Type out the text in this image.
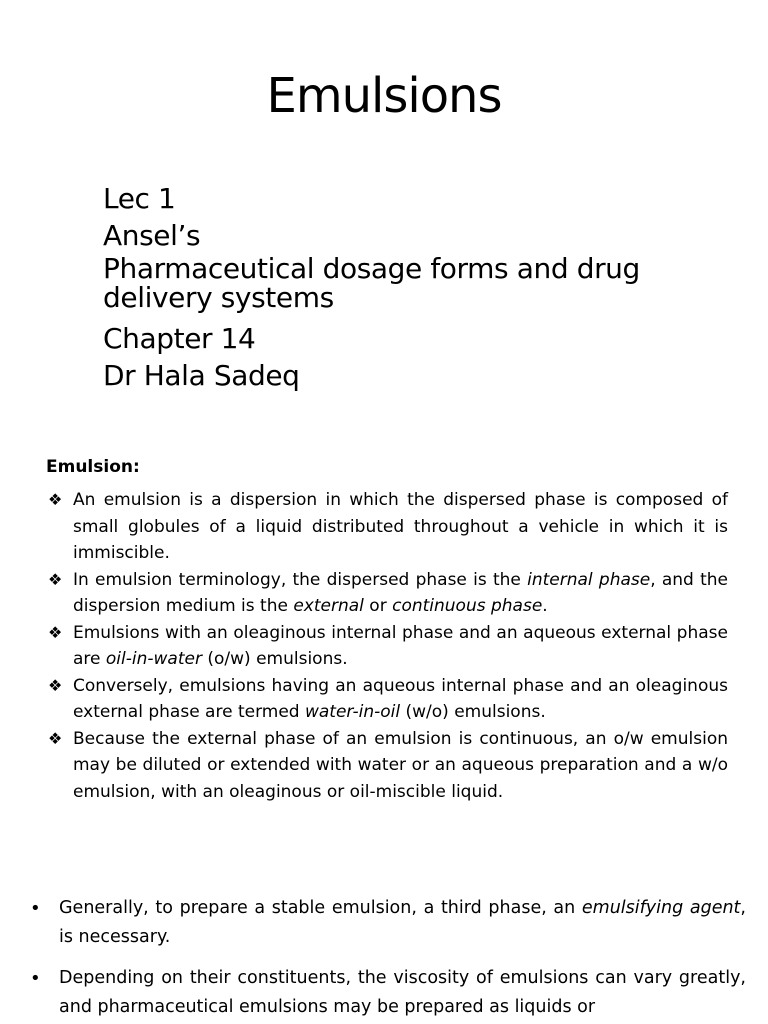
Emulsions
Lec 1
Ansel’s
Pharmaceutical dosage forms and drug delivery systems
Chapter 14
Dr Hala Sadeq
Emulsion:
❖ An emulsion is a dispersion in which the dispersed phase is composed of small globules of a liquid distributed throughout a vehicle in which it is immiscible.
❖ In emulsion terminology, the dispersed phase is the internal phase, and the dispersion medium is the external or continuous phase.
❖ Emulsions with an oleaginous internal phase and an aqueous external phase are oil-in-water (o/w) emulsions.
❖ Conversely, emulsions having an aqueous internal phase and an oleaginous external phase are termed water-in-oil (w/o) emulsions.
❖ Because the external phase of an emulsion is continuous, an o/w emulsion may be diluted or extended with water or an aqueous preparation and a w/o emulsion, with an oleaginous or oil-miscible liquid.
• Generally, to prepare a stable emulsion, a third phase, an emulsifying agent, is necessary.
• Depending on their constituents, the viscosity of emulsions can vary greatly, and pharmaceutical emulsions may be prepared as liquids or
